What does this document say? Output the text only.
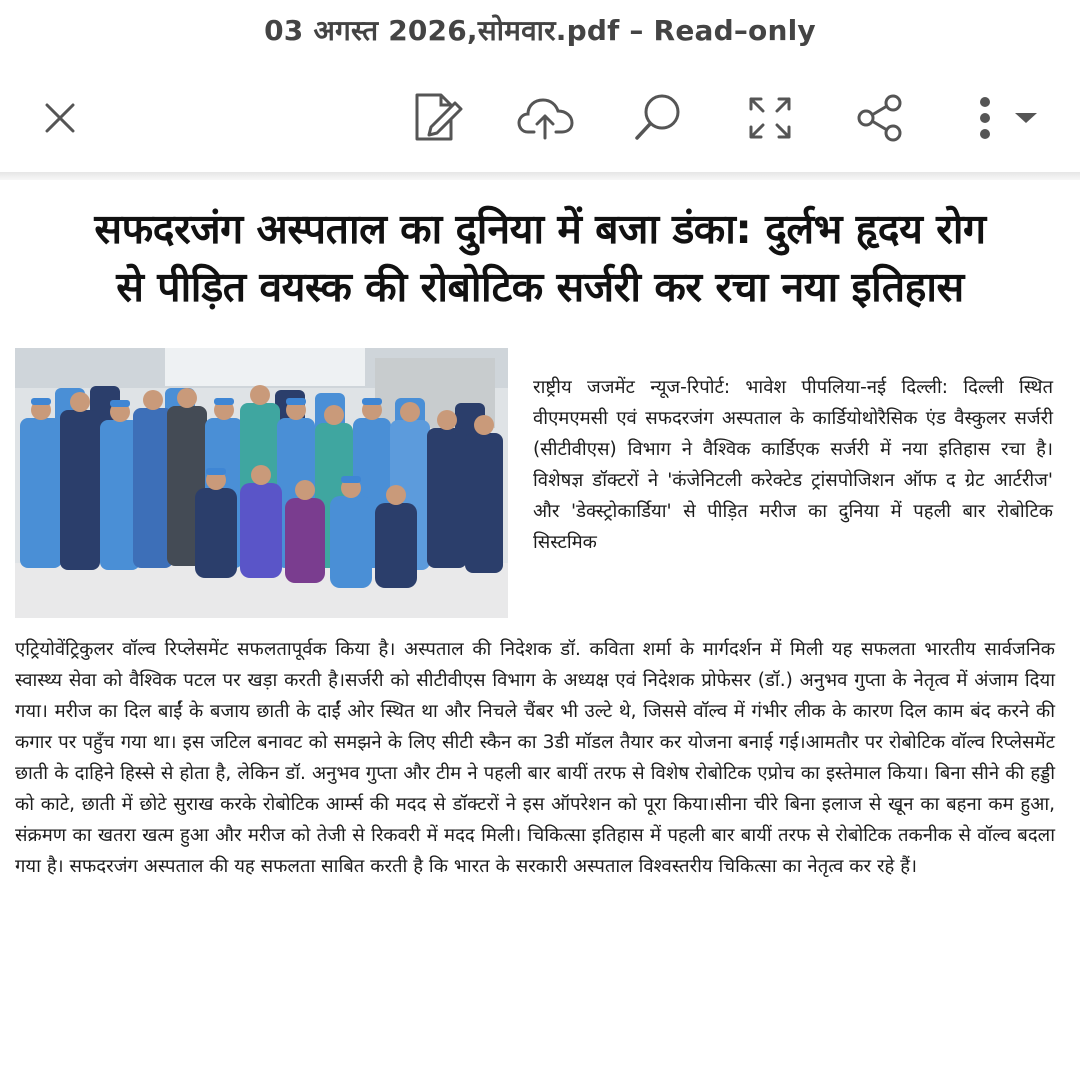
03 अगस्त 2026,सोमवार.pdf – Read–only
सफदरजंग अस्पताल का दुनिया में बजा डंका: दुर्लभ हृदय रोग
से पीड़ित वयस्क की रोबोटिक सर्जरी कर रचा नया इतिहास
राष्ट्रीय जजमेंट न्यूज-रिपोर्ट: भावेश पीपलिया-नई दिल्ली: दिल्ली स्थित वीएमएमसी एवं सफदरजंग अस्पताल के कार्डियोथोरैसिक एंड वैस्कुलर सर्जरी (सीटीवीएस) विभाग ने वैश्विक कार्डिएक सर्जरी में नया इतिहास रचा है। विशेषज्ञ डॉक्टरों ने 'कंजेनिटली करेक्टेड ट्रांसपोजिशन ऑफ द ग्रेट आर्टरीज' और 'डेक्स्ट्रोकार्डिया' से पीड़ित मरीज का दुनिया में पहली बार रोबोटिक सिस्टमिक
एट्रियोवेंट्रिकुलर वॉल्व रिप्लेसमेंट सफलतापूर्वक किया है। अस्पताल की निदेशक डॉ. कविता शर्मा के मार्गदर्शन में मिली यह सफलता भारतीय सार्वजनिक स्वास्थ्य सेवा को वैश्विक पटल पर खड़ा करती है।सर्जरी को सीटीवीएस विभाग के अध्यक्ष एवं निदेशक प्रोफेसर (डॉ.) अनुभव गुप्ता के नेतृत्व में अंजाम दिया गया। मरीज का दिल बाईं के बजाय छाती के दाईं ओर स्थित था और निचले चैंबर भी उल्टे थे, जिससे वॉल्व में गंभीर लीक के कारण दिल काम बंद करने की कगार पर पहुँच गया था। इस जटिल बनावट को समझने के लिए सीटी स्कैन का 3डी मॉडल तैयार कर योजना बनाई गई।आमतौर पर रोबोटिक वॉल्व रिप्लेसमेंट छाती के दाहिने हिस्से से होता है, लेकिन डॉ. अनुभव गुप्ता और टीम ने पहली बार बायीं तरफ से विशेष रोबोटिक एप्रोच का इस्तेमाल किया। बिना सीने की हड्डी को काटे, छाती में छोटे सुराख करके रोबोटिक आर्म्स की मदद से डॉक्टरों ने इस ऑपरेशन को पूरा किया।सीना चीरे बिना इलाज से खून का बहना कम हुआ, संक्रमण का खतरा खत्म हुआ और मरीज को तेजी से रिकवरी में मदद मिली। चिकित्सा इतिहास में पहली बार बायीं तरफ से रोबोटिक तकनीक से वॉल्व बदला गया है। सफदरजंग अस्पताल की यह सफलता साबित करती है कि भारत के सरकारी अस्पताल विश्वस्तरीय चिकित्सा का नेतृत्व कर रहे हैं।
